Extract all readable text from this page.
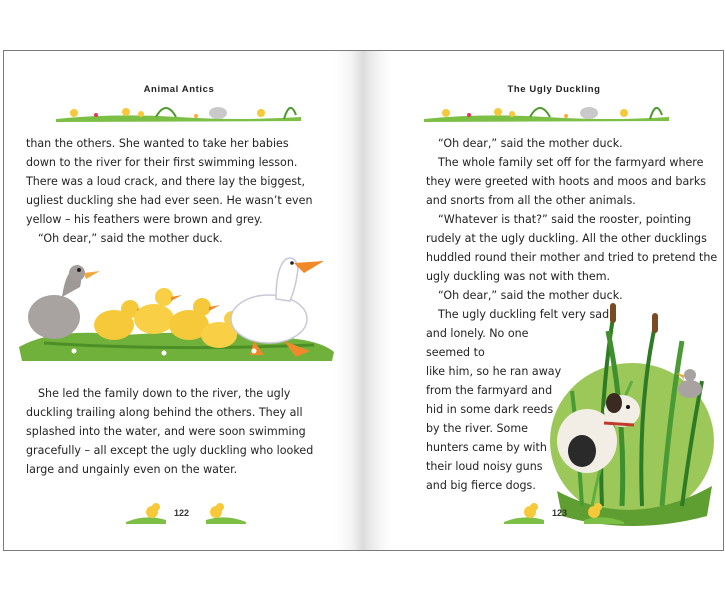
Animal Antics

than the others. She wanted to take her babies

down to the river for their first swimming lesson.

There was a loud crack, and there lay the biggest,

ugliest duckling she had ever seen. He wasn’t even

yellow – his feathers were brown and grey.

“Oh dear,” said the mother duck.

She led the family down to the river, the ugly

duckling trailing along behind the others. They all

splashed into the water, and were soon swimming

gracefully – all except the ugly duckling who looked

large and ungainly even on the water.

122
The Ugly Duckling

“Oh dear,” said the mother duck.

The whole family set off for the farmyard where

they were greeted with hoots and moos and barks

and snorts from all the other animals.

“Whatever is that?” said the rooster, pointing

rudely at the ugly duckling. All the other ducklings

huddled round their mother and tried to pretend the

ugly duckling was not with them.

“Oh dear,” said the mother duck.

The ugly duckling felt very sad

and lonely. No one seemed to

like him, so he ran away

from the farmyard and

hid in some dark reeds

by the river. Some

hunters came by with

their loud noisy guns

and big fierce dogs.

123
